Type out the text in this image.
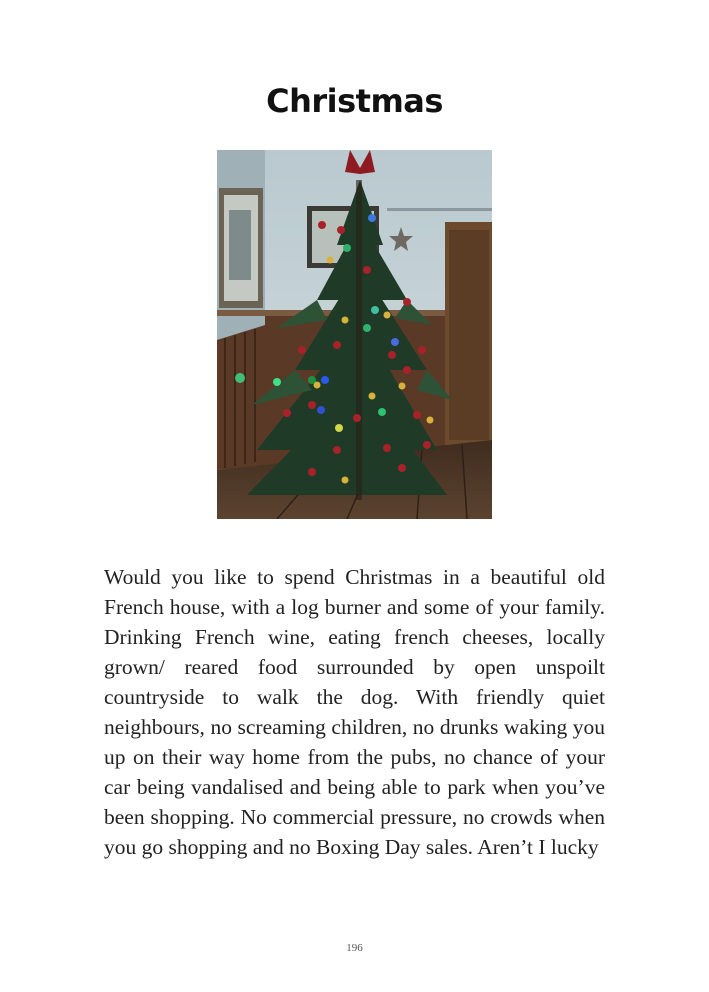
Christmas
Would you like to spend Christmas in a beautiful old French house, with a log burner and some of your family. Drinking French wine, eating french cheeses, locally grown/ reared food surrounded by open unspoilt countryside to walk the dog. With friendly quiet neighbours, no screaming children, no drunks waking you up on their way home from the pubs, no chance of your car being vandalised and being able to park when you’ve been shopping. No commercial pressure, no crowds when you go shopping and no Boxing Day sales. Aren’t I lucky
196
